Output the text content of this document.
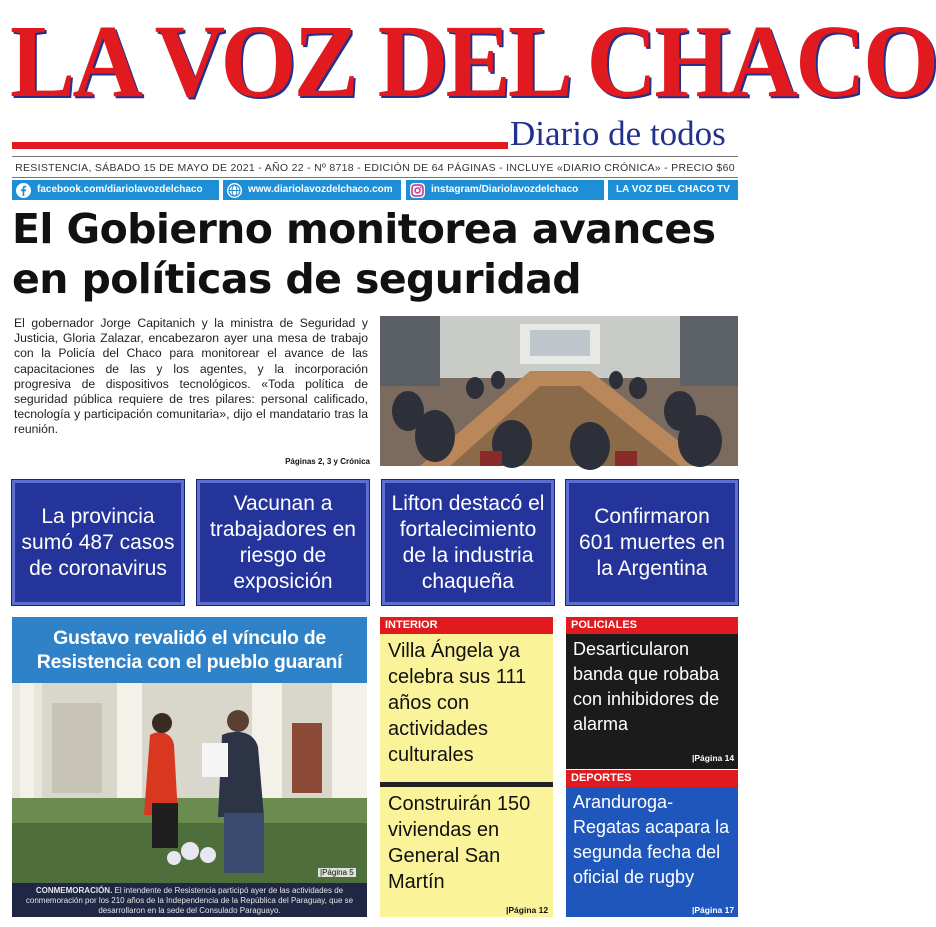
LA VOZ DEL CHACO
Diario de todos
RESISTENCIA, SÁBADO 15 DE MAYO DE 2021 - AÑO 22 - Nº 8718 - EDICIÓN DE 64 PÁGINAS - INCLUYE «DIARIO CRÓNICA» - PRECIO $60
facebook.com/diariolavozdelchaco	www.diariolavozdelchaco.com	instagram/Diariolavozdelchaco	LA VOZ DEL CHACO TV
El Gobierno monitorea avances en políticas de seguridad
El gobernador Jorge Capitanich y la ministra de Seguridad y Justicia, Gloria Zalazar, encabezaron ayer una mesa de trabajo con la Policía del Chaco para monitorear el avance de las capacitaciones de las y los agentes, y la incorporación progresiva de dispositivos tecnológicos. «Toda política de seguridad pública requiere de tres pilares: personal calificado, tecnología y participación comunitaria», dijo el mandatario tras la reunión.
Páginas 2, 3 y Crónica
La provincia sumó 487 casos de coronavirus
Vacunan a trabajadores en riesgo de exposición
Lifton destacó el fortalecimiento de la industria chaqueña
Confirmaron 601 muertes en la Argentina
Gustavo revalidó el vínculo de Resistencia con el pueblo guaraní
|Página 5
CONMEMORACIÓN. El intendente de Resistencia participó ayer de las actividades de conmemoración por los 210 años de la Independencia de la República del Paraguay, que se desarrollaron en la sede del Consulado Paraguayo.
INTERIOR
Villa Ángela ya celebra sus 111 años con actividades culturales
Construirán 150 viviendas en General San Martín
|Página 12
POLICIALES
Desarticularon banda que robaba con inhibidores de alarma
|Página 14
DEPORTES
Aranduroga-Regatas acapara la segunda fecha del oficial de rugby
|Página 17
